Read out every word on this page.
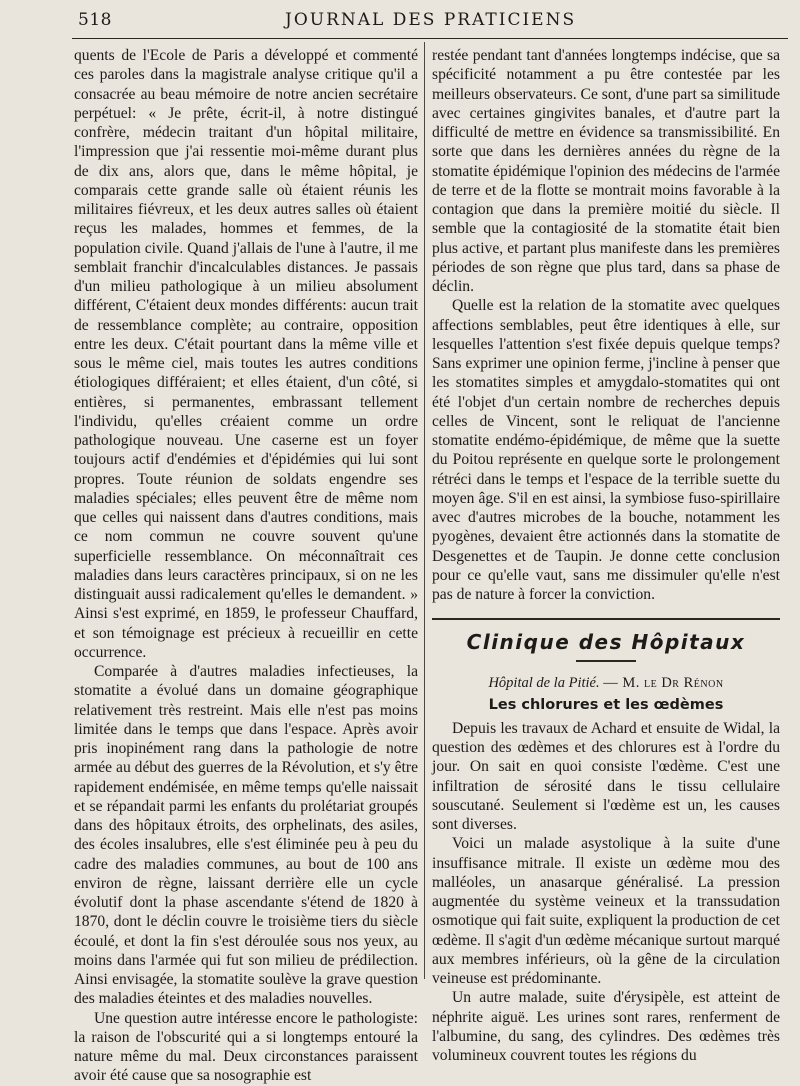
518	JOURNAL DES PRATICIENS

quents de l'Ecole de Paris a développé et commenté ces paroles dans la magistrale analyse critique qu'il a consacrée au beau mémoire de notre ancien secrétaire perpétuel: « Je prête, écrit-il, à notre distingué confrère, médecin traitant d'un hôpital militaire, l'impression que j'ai ressentie moi-même durant plus de dix ans, alors que, dans le même hôpital, je comparais cette grande salle où étaient réunis les militaires fiévreux, et les deux autres salles où étaient reçus les malades, hommes et femmes, de la population civile. Quand j'allais de l'une à l'autre, il me semblait franchir d'incalculables distances. Je passais d'un milieu pathologique à un milieu absolument différent, C'étaient deux mondes différents: aucun trait de ressemblance complète; au contraire, opposition entre les deux. C'était pourtant dans la même ville et sous le même ciel, mais toutes les autres conditions étiologiques différaient; et elles étaient, d'un côté, si entières, si permanentes, embrassant tellement l'individu, qu'elles créaient comme un ordre pathologique nouveau. Une caserne est un foyer toujours actif d'endémies et d'épidémies qui lui sont propres. Toute réunion de soldats engendre ses maladies spéciales; elles peuvent être de même nom que celles qui naissent dans d'autres conditions, mais ce nom commun ne couvre souvent qu'une superficielle ressemblance. On méconnaîtrait ces maladies dans leurs caractères principaux, si on ne les distinguait aussi radicalement qu'elles le demandent. » Ainsi s'est exprimé, en 1859, le professeur Chauffard, et son témoignage est précieux à recueillir en cette occurrence.

Comparée à d'autres maladies infectieuses, la stomatite a évolué dans un domaine géographique relativement très restreint. Mais elle n'est pas moins limitée dans le temps que dans l'espace. Après avoir pris inopinément rang dans la pathologie de notre armée au début des guerres de la Révolution, et s'y être rapidement endémisée, en même temps qu'elle naissait et se répandait parmi les enfants du prolétariat groupés dans des hôpitaux étroits, des orphelinats, des asiles, des écoles insalubres, elle s'est éliminée peu à peu du cadre des maladies communes, au bout de 100 ans environ de règne, laissant derrière elle un cycle évolutif dont la phase ascendante s'étend de 1820 à 1870, dont le déclin couvre le troisième tiers du siècle écoulé, et dont la fin s'est déroulée sous nos yeux, au moins dans l'armée qui fut son milieu de prédilection. Ainsi envisagée, la stomatite soulève la grave question des maladies éteintes et des maladies nouvelles.

Une question autre intéresse encore le pathologiste: la raison de l'obscurité qui a si longtemps entouré la nature même du mal. Deux circonstances paraissent avoir été cause que sa nosographie est

restée pendant tant d'années longtemps indécise, que sa spécificité notamment a pu être contestée par les meilleurs observateurs. Ce sont, d'une part sa similitude avec certaines gingivites banales, et d'autre part la difficulté de mettre en évidence sa transmissibilité. En sorte que dans les dernières années du règne de la stomatite épidémique l'opinion des médecins de l'armée de terre et de la flotte se montrait moins favorable à la contagion que dans la première moitié du siècle. Il semble que la contagiosité de la stomatite était bien plus active, et partant plus manifeste dans les premières périodes de son règne que plus tard, dans sa phase de déclin.

Quelle est la relation de la stomatite avec quelques affections semblables, peut être identiques à elle, sur lesquelles l'attention s'est fixée depuis quelque temps? Sans exprimer une opinion ferme, j'incline à penser que les stomatites simples et amygdalo-stomatites qui ont été l'objet d'un certain nombre de recherches depuis celles de Vincent, sont le reliquat de l'ancienne stomatite endémo-épidémique, de même que la suette du Poitou représente en quelque sorte le prolongement rétréci dans le temps et l'espace de la terrible suette du moyen âge. S'il en est ainsi, la symbiose fuso-spirillaire avec d'autres microbes de la bouche, notamment les pyogènes, devaient être actionnés dans la stomatite de Desgenettes et de Taupin. Je donne cette conclusion pour ce qu'elle vaut, sans me dissimuler qu'elle n'est pas de nature à forcer la conviction.

Clinique des Hôpitaux
Hôpital de la Pitié. — M. le Dr Rénon
Les chlorures et les œdèmes

Depuis les travaux de Achard et ensuite de Widal, la question des œdèmes et des chlorures est à l'ordre du jour. On sait en quoi consiste l'œdème. C'est une infiltration de sérosité dans le tissu cellulaire souscutané. Seulement si l'œdème est un, les causes sont diverses.

Voici un malade asystolique à la suite d'une insuffisance mitrale. Il existe un œdème mou des malléoles, un anasarque généralisé. La pression augmentée du système veineux et la transsudation osmotique qui fait suite, expliquent la production de cet œdème. Il s'agit d'un œdème mécanique surtout marqué aux membres inférieurs, où la gêne de la circulation veineuse est prédominante.

Un autre malade, suite d'érysipèle, est atteint de néphrite aiguë. Les urines sont rares, renferment de l'albumine, du sang, des cylindres. Des œdèmes très volumineux couvrent toutes les régions du
